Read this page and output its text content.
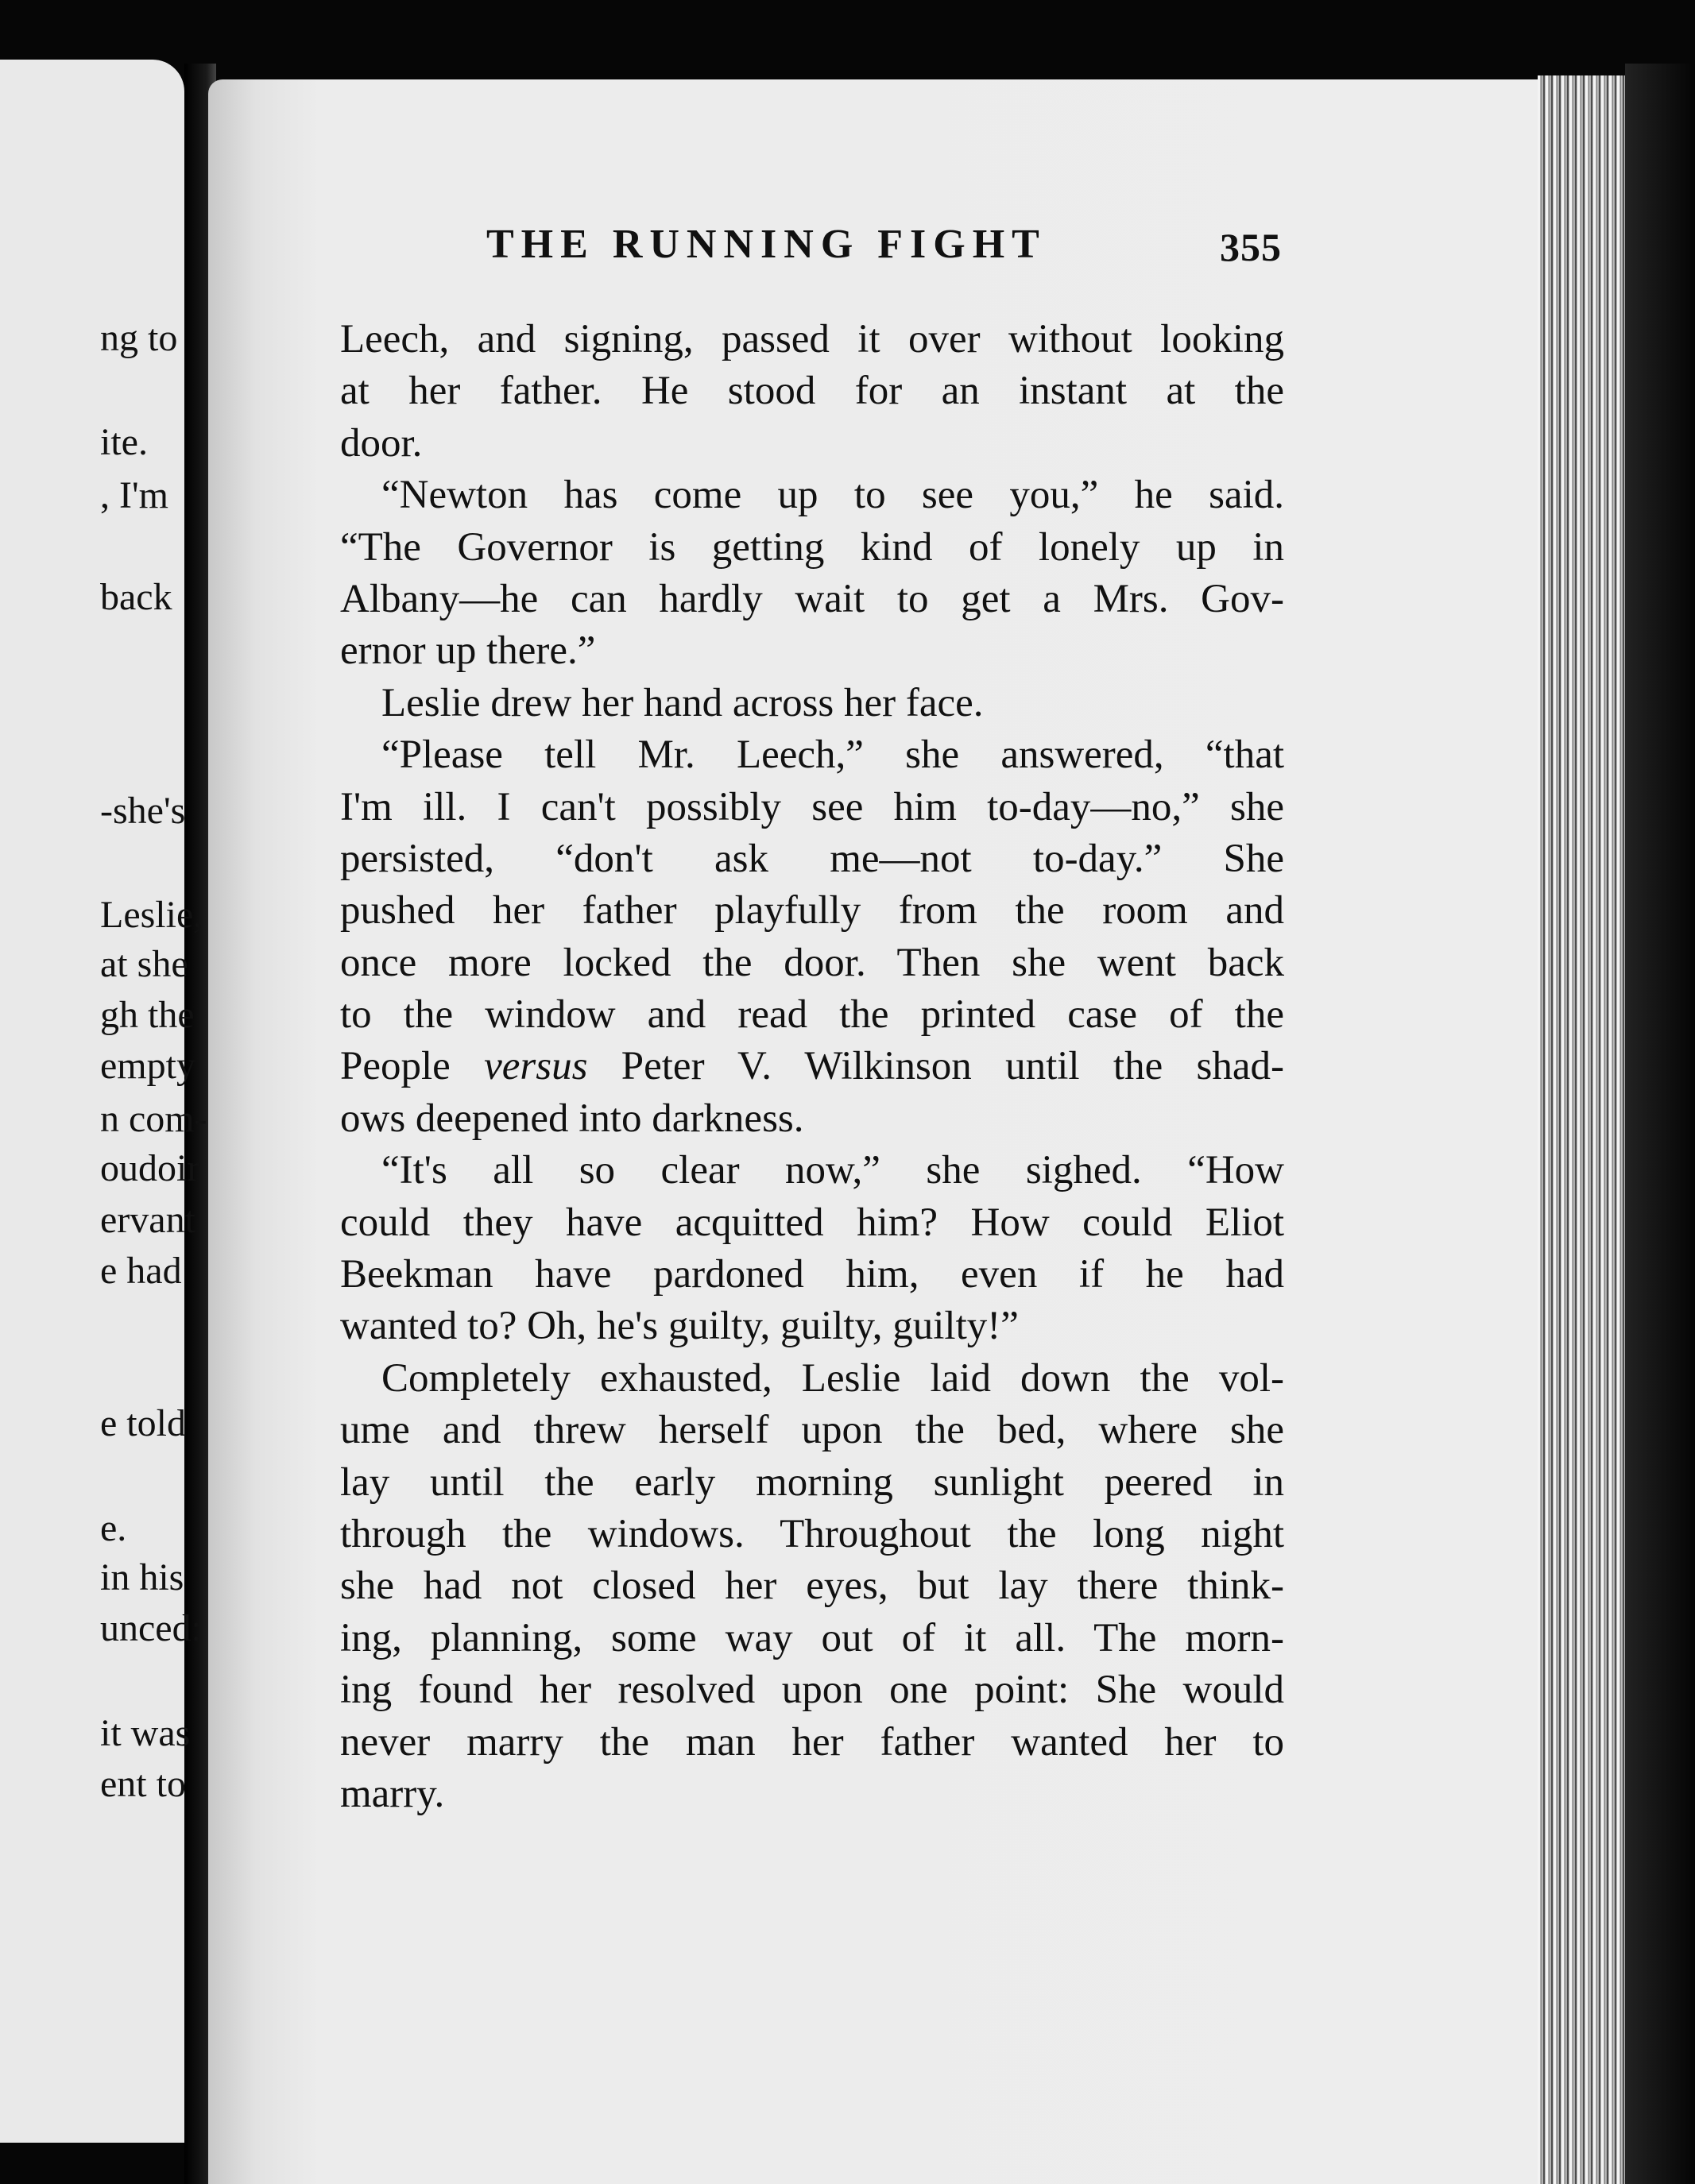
ng to
ite.
, I'm
back
-she's
Leslie,
at she
gh the
empty
n com-
oudoir
ervant
e had
e told
e.
in his
unced:
it was
ent to
THE RUNNING FIGHT	355
Leech, and signing, passed it over without looking
at her father. He stood for an instant at the
door.
“Newton has come up to see you,” he said.
“The Governor is getting kind of lonely up in
Albany—he can hardly wait to get a Mrs. Gov-
ernor up there.”
Leslie drew her hand across her face.
“Please tell Mr. Leech,” she answered, “that
I'm ill. I can't possibly see him to-day—no,” she
persisted, “don't ask me—not to-day.” She
pushed her father playfully from the room and
once more locked the door. Then she went back
to the window and read the printed case of the
People versus Peter V. Wilkinson until the shad-
ows deepened into darkness.
“It's all so clear now,” she sighed. “How
could they have acquitted him? How could Eliot
Beekman have pardoned him, even if he had
wanted to? Oh, he's guilty, guilty, guilty!”
Completely exhausted, Leslie laid down the vol-
ume and threw herself upon the bed, where she
lay until the early morning sunlight peered in
through the windows. Throughout the long night
she had not closed her eyes, but lay there think-
ing, planning, some way out of it all. The morn-
ing found her resolved upon one point: She would
never marry the man her father wanted her to
marry.
